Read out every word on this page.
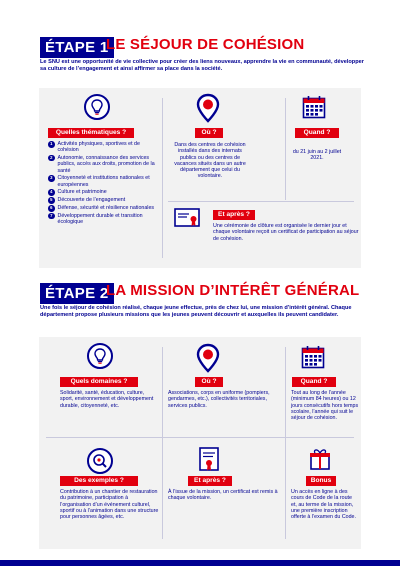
ÉTAPE 1
LE SÉJOUR DE COHÉSION
Le SNU est une opportunité de vie collective pour créer des liens nouveaux, apprendre la vie en communauté, développer sa culture de l’engagement et ainsi affirmer sa place dans la société.
Quelles thématiques ?
1 Activités physiques, sportives et de cohésion
2 Autonomie, connaissance des services publics, accès aux droits, promotion de la santé
3 Citoyenneté et institutions nationales et européennes
4 Culture et patrimoine
5 Découverte de l’engagement
6 Défense, sécurité et résilience nationales
7 Développement durable et transition écologique
Où ?
Dans des centres de cohésion installés dans des internats publics ou des centres de vacances situés dans un autre département que celui du volontaire.
Quand ?
du 21 juin au 2 juillet 2021.
Et après ?
Une cérémonie de clôture est organisée le dernier jour et chaque volontaire reçoit un certificat de participation au séjour de cohésion.
ÉTAPE 2
LA MISSION D’INTÉRÊT GÉNÉRAL
Une fois le séjour de cohésion réalisé, chaque jeune effectue, près de chez lui, une mission d’intérêt général. Chaque département propose plusieurs missions que les jeunes peuvent découvrir et auxquelles ils peuvent candidater.
Quels domaines ?
Solidarité, santé, éducation, culture, sport, environnement et développement durable, citoyenneté, etc.
Où ?
Associations, corps en uniforme (pompiers, gendarmes, etc.), collectivités territoriales, services publics.
Quand ?
Tout au long de l’année (minimum 84 heures) ou 12 jours consécutifs hors temps scolaire, l’année qui suit le séjour de cohésion.
Des exemples ?
Contribution à un chantier de restauration du patrimoine, participation à l’organisation d’un événement culturel, sportif ou à l’animation dans une structure pour personnes âgées, etc.
Et après ?
À l’issue de la mission, un certificat est remis à chaque volontaire.
Bonus
Un accès en ligne à des cours de Code de la route et, au terme de la mission, une première inscription offerte à l’examen du Code.
